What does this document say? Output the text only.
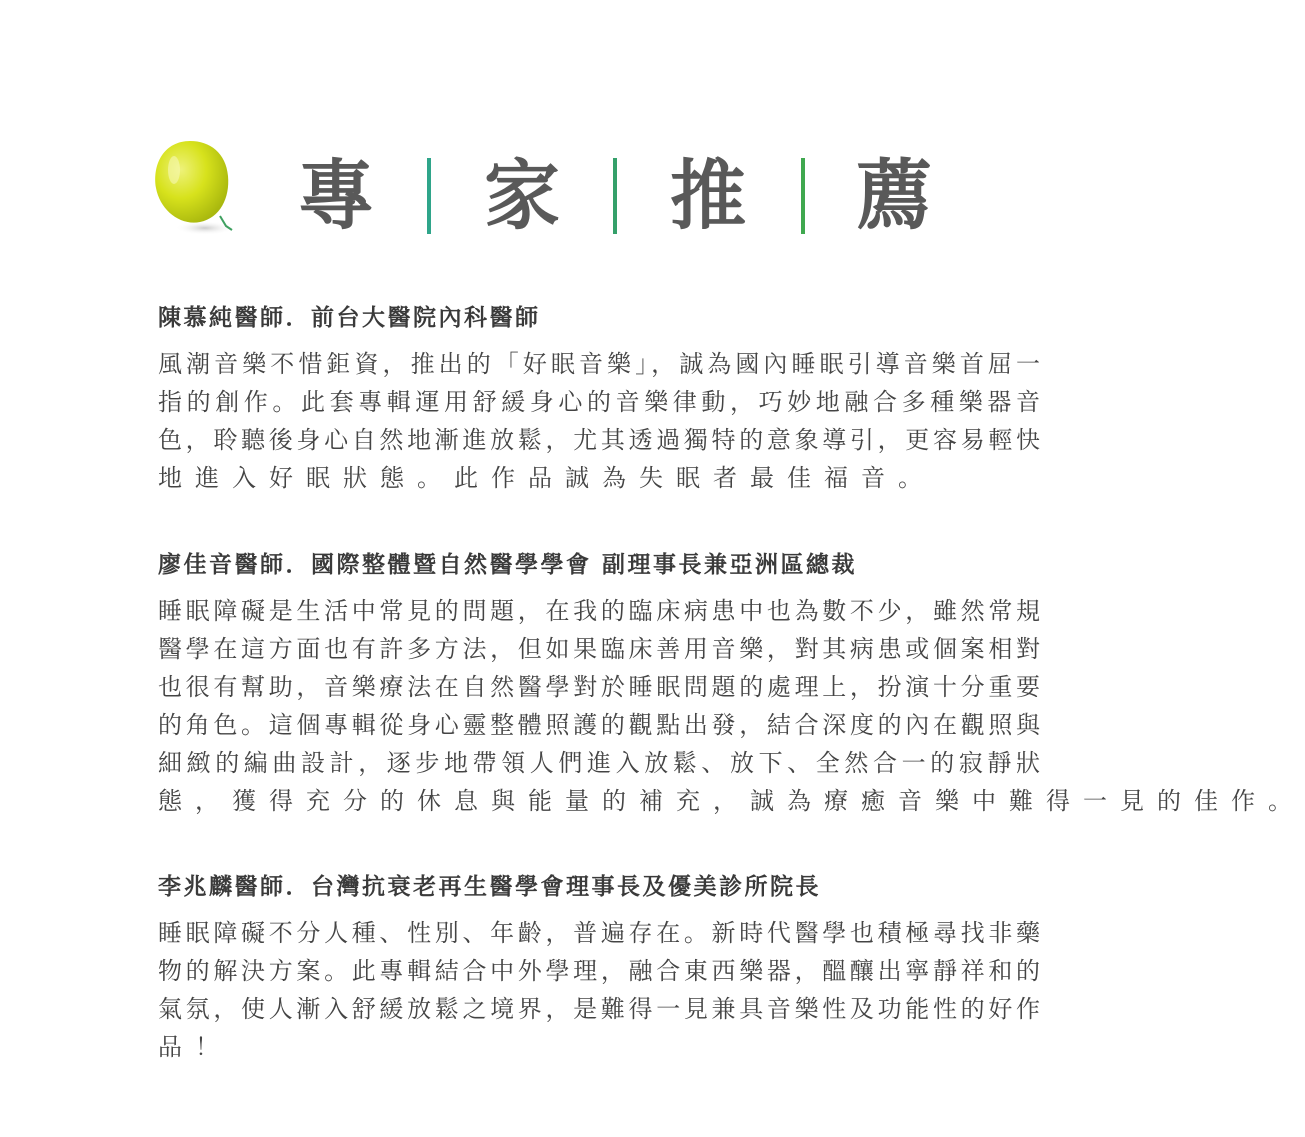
專 家 推 薦
陳慕純醫師．前台大醫院內科醫師
風潮音樂不惜鉅資，推出的「好眠音樂」，誠為國內睡眠引導音樂首屈一
指的創作。此套專輯運用舒緩身心的音樂律動，巧妙地融合多種樂器音
色，聆聽後身心自然地漸進放鬆，尤其透過獨特的意象導引，更容易輕快
地進入好眠狀態。此作品誠為失眠者最佳福音。
廖佳音醫師．國際整體暨自然醫學學會 副理事長兼亞洲區總裁
睡眠障礙是生活中常見的問題，在我的臨床病患中也為數不少，雖然常規
醫學在這方面也有許多方法，但如果臨床善用音樂，對其病患或個案相對
也很有幫助，音樂療法在自然醫學對於睡眠問題的處理上，扮演十分重要
的角色。這個專輯從身心靈整體照護的觀點出發，結合深度的內在觀照與
細緻的編曲設計，逐步地帶領人們進入放鬆、放下、全然合一的寂靜狀
態，獲得充分的休息與能量的補充，誠為療癒音樂中難得一見的佳作。
李兆麟醫師．台灣抗衰老再生醫學會理事長及優美診所院長
睡眠障礙不分人種、性別、年齡，普遍存在。新時代醫學也積極尋找非藥
物的解決方案。此專輯結合中外學理，融合東西樂器，醞釀出寧靜祥和的
氣氛，使人漸入舒緩放鬆之境界，是難得一見兼具音樂性及功能性的好作
品！
